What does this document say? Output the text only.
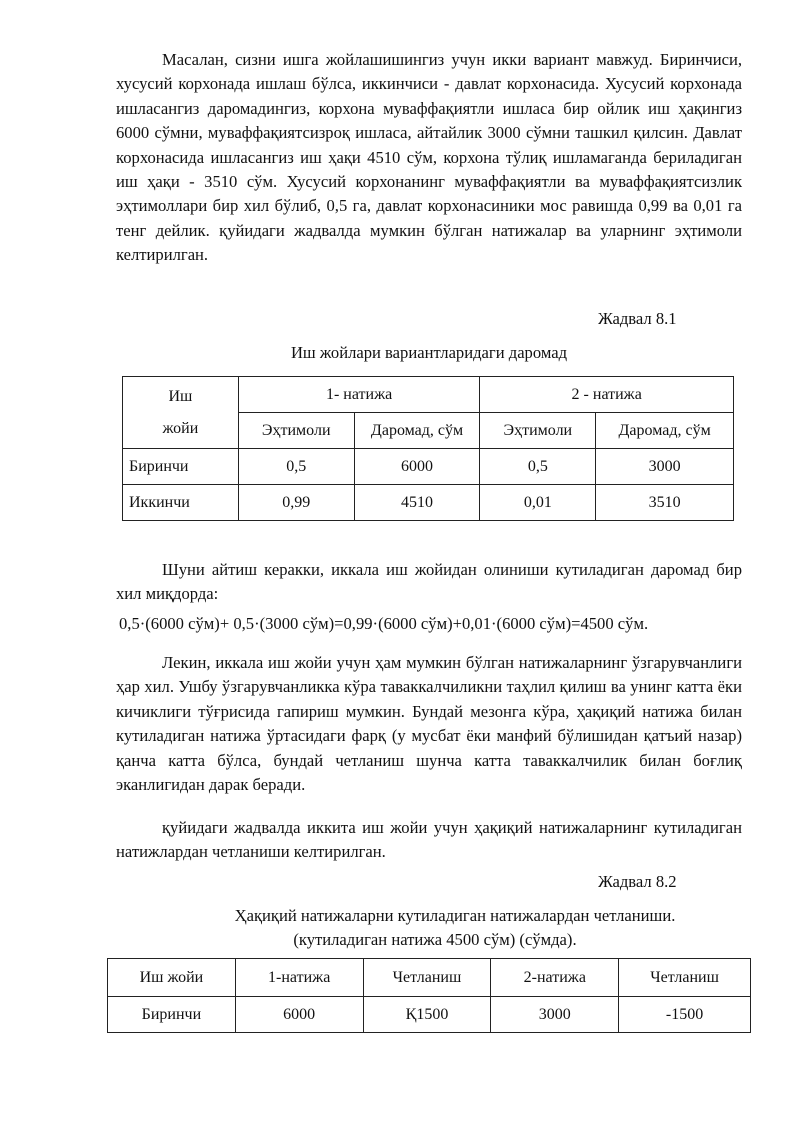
Масалан, сизни ишга жойлашишингиз учун икки вариант мавжуд. Биринчиси, хусусий корхонада ишлаш бўлса, иккинчиси - давлат корхонасида. Хусусий корхонада ишласангиз даромадингиз, корхона муваффақиятли ишласа бир ойлик иш ҳақингиз 6000 сўмни, муваффақиятсизроқ ишласа, айтайлик 3000 сўмни ташкил қилсин. Давлат корхонасида ишласангиз иш ҳақи 4510 сўм, корхона тўлиқ ишламаганда бериладиган иш ҳақи - 3510 сўм. Хусусий корхонанинг муваффақиятли ва муваффақиятсизлик эҳтимоллари бир хил бўлиб, 0,5 га, давлат корхонасиники мос равишда 0,99 ва 0,01 га тенг дейлик. қуйидаги жадвалда мумкин бўлган натижалар ва уларнинг эҳтимоли келтирилган.

Жадвал 8.1
Иш жойлари вариантларидаги даромад
Иш
жойи	1- натижа		2 - натижа	
	Эҳтимоли	Даромад, сўм	Эҳтимоли	Даромад, сўм
Биринчи	0,5	6000	0,5	3000
Иккинчи	0,99	4510	0,01	3510

Шуни айтиш керакки, иккала иш жойидан олиниши кутиладиган даромад бир хил миқдорда:

0,5·(6000 сўм)+ 0,5·(3000 сўм)=0,99·(6000 сўм)+0,01·(6000 сўм)=4500 сўм.

Лекин, иккала иш жойи учун ҳам мумкин бўлган натижаларнинг ўзгарувчанлиги ҳар хил. Ушбу ўзгарувчанликка кўра таваккалчиликни таҳлил қилиш ва унинг катта ёки кичиклиги тўғрисида гапириш мумкин. Бундай мезонга кўра, ҳақиқий натижа билан кутиладиган натижа ўртасидаги фарқ (у мусбат ёки манфий бўлишидан қатъий назар) қанча катта бўлса, бундай четланиш шунча катта таваккалчилик билан боғлиқ эканлигидан дарак беради.

қуйидаги жадвалда иккита иш жойи учун ҳақиқий натижаларнинг кутиладиган натижлардан четланиши келтирилган.

Жадвал 8.2
Ҳақиқий натижаларни кутиладиган натижалардан четланиши.
(кутиладиган натижа 4500 сўм) (сўмда).
Иш жойи	1-натижа	Четланиш	2-натижа	Четланиш
Биринчи	6000	Қ1500	3000	-1500
